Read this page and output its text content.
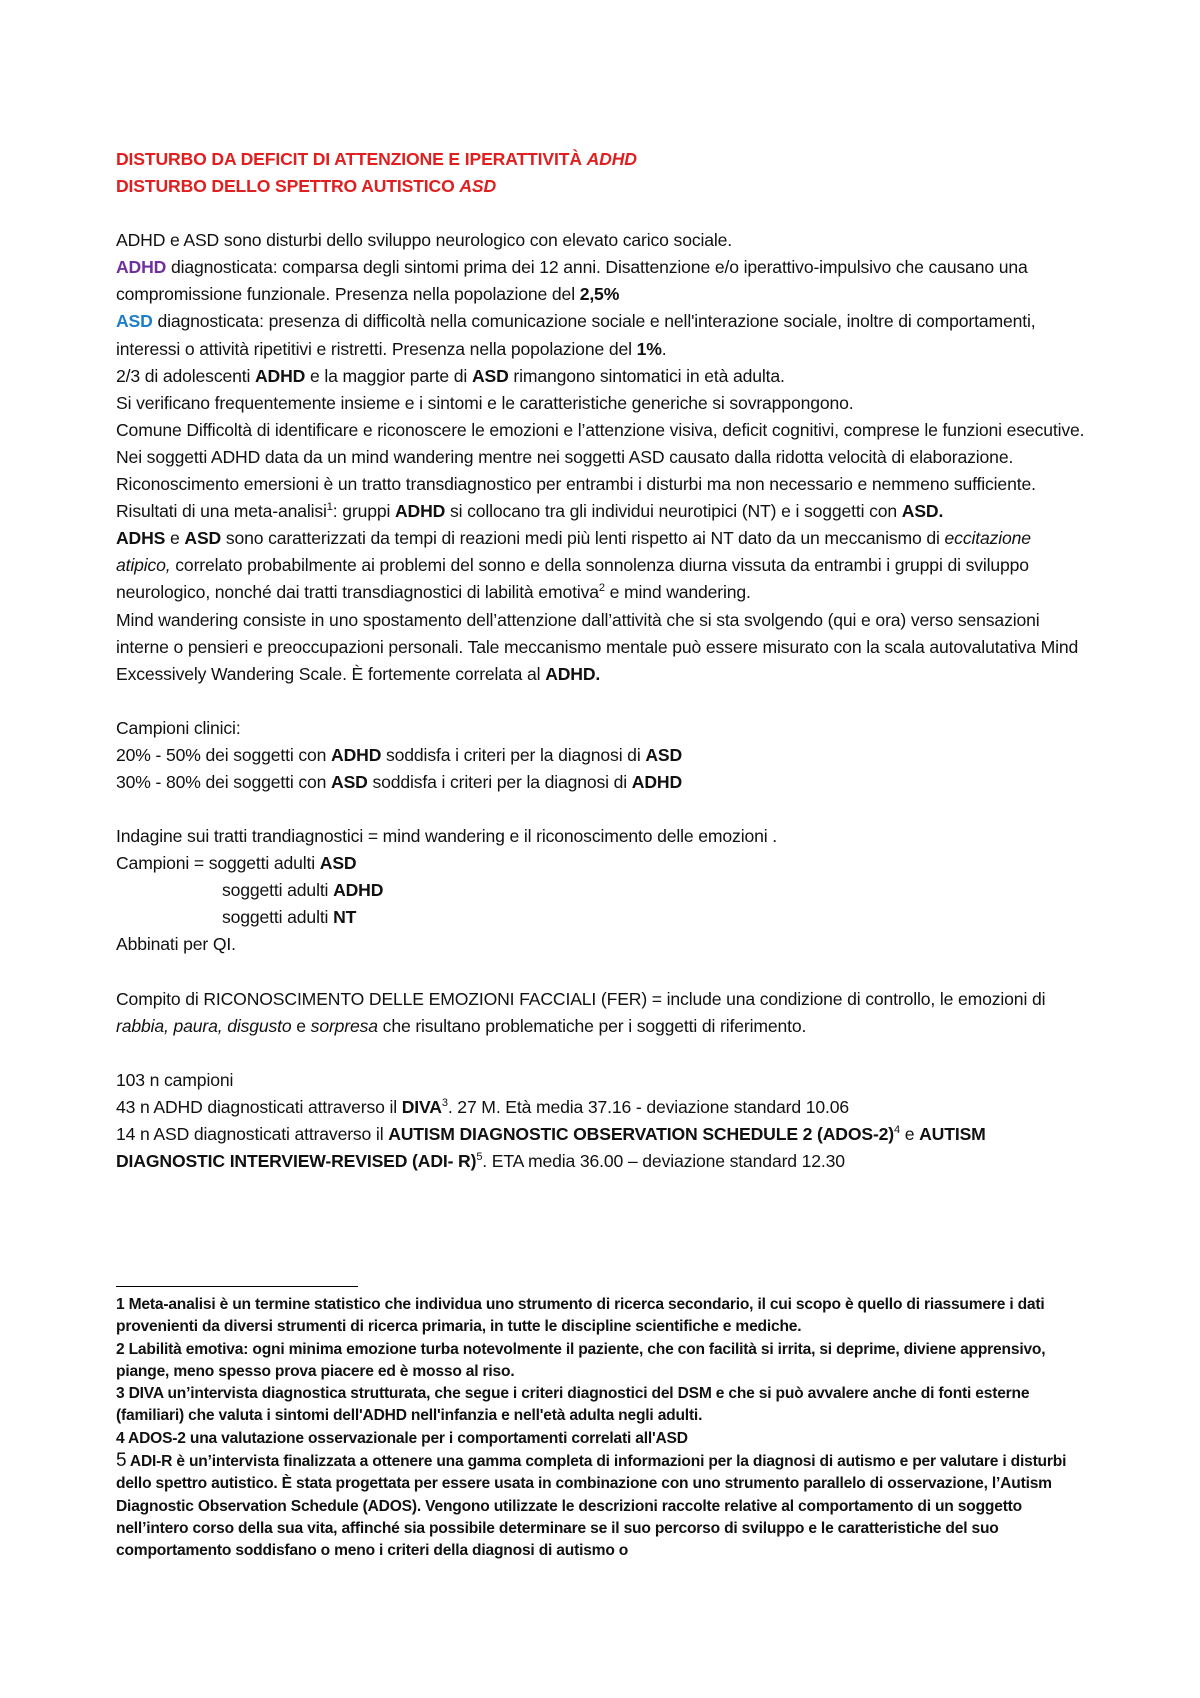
DISTURBO DA DEFICIT DI ATTENZIONE E IPERATTIVITÀ ADHD

DISTURBO DELLO SPETTRO AUTISTICO ASD

ADHD e ASD sono disturbi dello sviluppo neurologico con elevato carico sociale.

ADHD diagnosticata: comparsa degli sintomi prima dei 12 anni. Disattenzione e/o iperattivo-impulsivo che causano una compromissione funzionale. Presenza nella popolazione del 2,5%

ASD diagnosticata: presenza di difficoltà nella comunicazione sociale e nell'interazione sociale, inoltre di comportamenti, interessi o attività ripetitivi e ristretti. Presenza nella popolazione del 1%.

2/3 di adolescenti ADHD e la maggior parte di ASD rimangono sintomatici in età adulta.

Si verificano frequentemente insieme e i sintomi e le caratteristiche generiche si sovrappongono.

Comune Difficoltà di identificare e riconoscere le emozioni e l’attenzione visiva, deficit cognitivi, comprese le funzioni esecutive. Nei soggetti ADHD data da un mind wandering mentre nei soggetti ASD causato dalla ridotta velocità di elaborazione.

Riconoscimento emersioni è un tratto transdiagnostico per entrambi i disturbi ma non necessario e nemmeno sufficiente. Risultati di una meta-analisi$^1$: gruppi ADHD si collocano tra gli individui neurotipici (NT) e i soggetti con ASD.

ADHS e ASD sono caratterizzati da tempi di reazioni medi più lenti rispetto ai NT dato da un meccanismo di eccitazione atipico, correlato probabilmente ai problemi del sonno e della sonnolenza diurna vissuta da entrambi i gruppi di sviluppo neurologico, nonché dai tratti transdiagnostici di labilità emotiva$^2$ e mind wandering.

Mind wandering consiste in uno spostamento dell’attenzione dall’attività che si sta svolgendo (qui e ora) verso sensazioni interne o pensieri e preoccupazioni personali. Tale meccanismo mentale può essere misurato con la scala autovalutativa Mind Excessively Wandering Scale. È fortemente correlata al ADHD.

Campioni clinici:

20% - 50% dei soggetti con ADHD soddisfa i criteri per la diagnosi di ASD

30% - 80% dei soggetti con ASD soddisfa i criteri per la diagnosi di ADHD

Indagine sui tratti trandiagnostici = mind wandering e il riconoscimento delle emozioni .

Campioni = soggetti adulti ASD

soggetti adulti ADHD

soggetti adulti NT

Abbinati per QI.

Compito di RICONOSCIMENTO DELLE EMOZIONI FACCIALI (FER) = include una condizione di controllo, le emozioni di rabbia, paura, disgusto e sorpresa che risultano problematiche per i soggetti di riferimento.

103 n campioni

43 n ADHD diagnosticati attraverso il DIVA$^3$. 27 M. Età media 37.16 - deviazione standard 10.06

14 n ASD diagnosticati attraverso il AUTISM DIAGNOSTIC OBSERVATION SCHEDULE 2 (ADOS-2)$^4$ e AUTISM DIAGNOSTIC INTERVIEW-REVISED (ADI- R)$^5$. ETA media 36.00 – deviazione standard 12.30

1 Meta-analisi è un termine statistico che individua uno strumento di ricerca secondario, il cui scopo è quello di riassumere i dati provenienti da diversi strumenti di ricerca primaria, in tutte le discipline scientifiche e mediche.

2 Labilità emotiva: ogni minima emozione turba notevolmente il paziente, che con facilità si irrita, si deprime, diviene apprensivo, piange, meno spesso prova piacere ed è mosso al riso.

3 DIVA un’intervista diagnostica strutturata, che segue i criteri diagnostici del DSM e che si può avvalere anche di fonti esterne (familiari) che valuta i sintomi dell'ADHD nell'infanzia e nell'età adulta negli adulti.

4 ADOS-2 una valutazione osservazionale per i comportamenti correlati all'ASD

5 ADI-R è un’intervista finalizzata a ottenere una gamma completa di informazioni per la diagnosi di autismo e per valutare i disturbi dello spettro autistico. È stata progettata per essere usata in combinazione con uno strumento parallelo di osservazione, l’Autism Diagnostic Observation Schedule (ADOS). Vengono utilizzate le descrizioni raccolte relative al comportamento di un soggetto nell’intero corso della sua vita, affinché sia possibile determinare se il suo percorso di sviluppo e le caratteristiche del suo comportamento soddisfano o meno i criteri della diagnosi di autismo o
